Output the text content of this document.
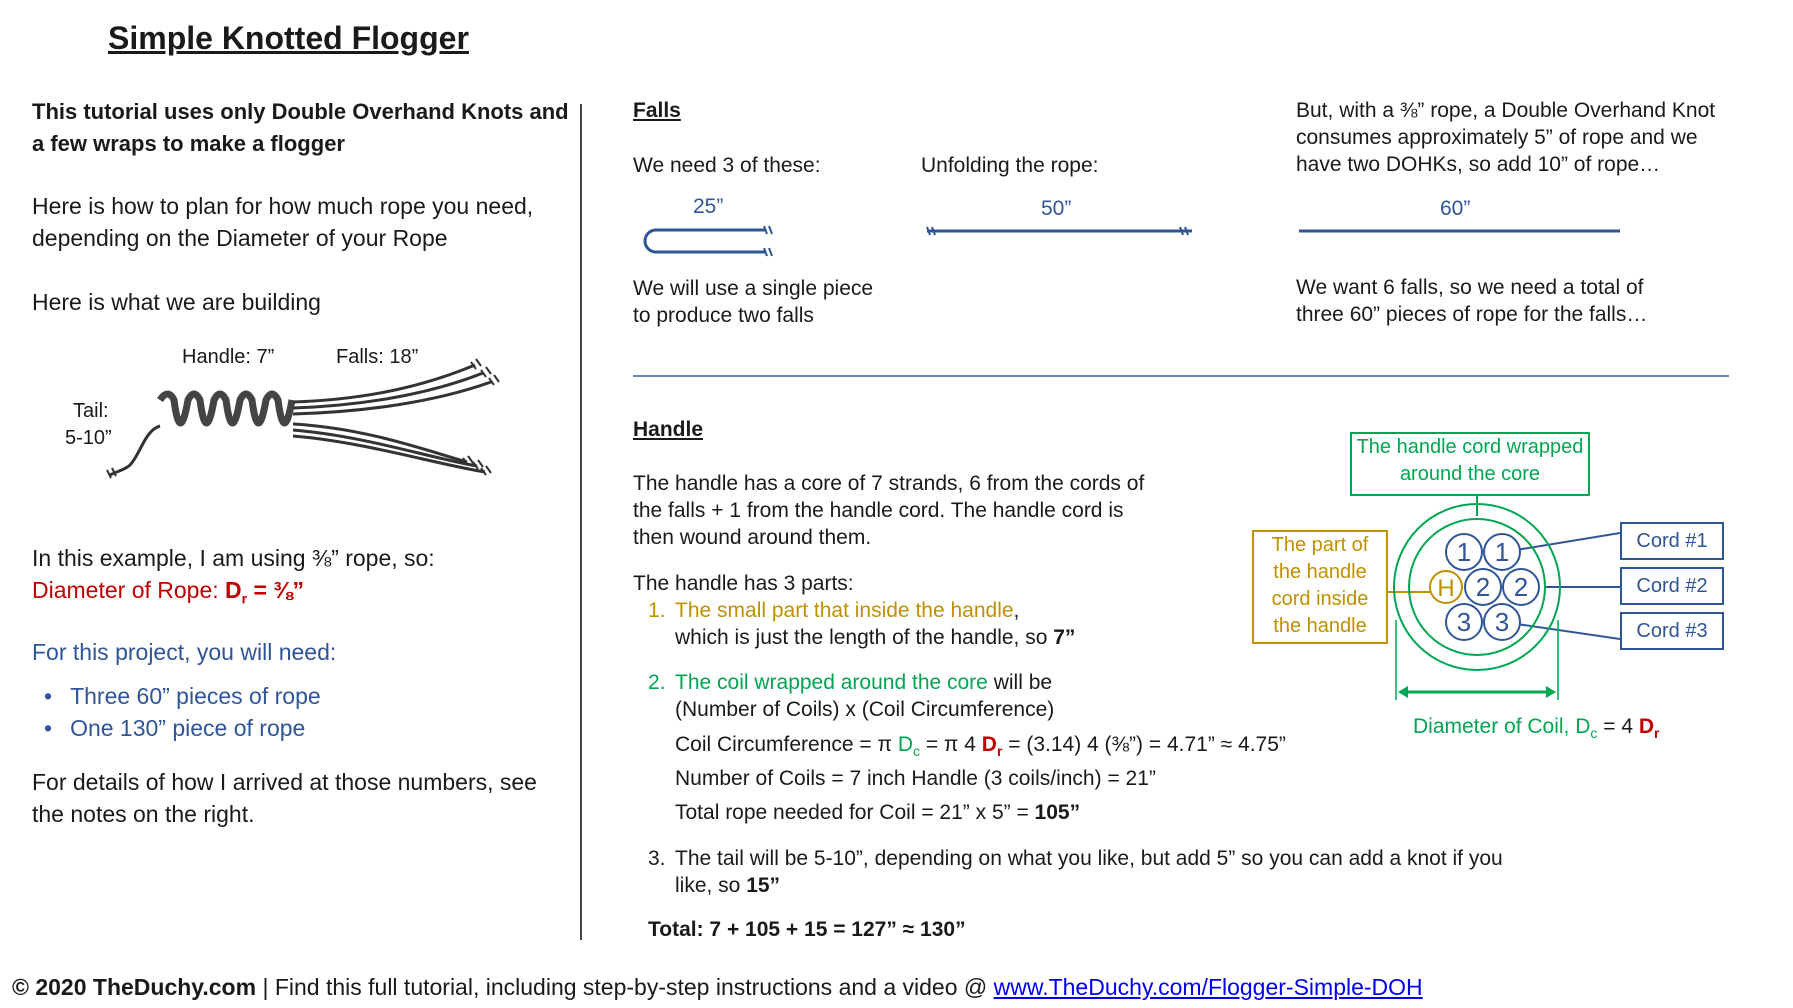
Simple Knotted Flogger
This tutorial uses only Double Overhand Knots and a few wraps to make a flogger
Here is how to plan for how much rope you need, depending on the Diameter of your Rope
Here is what we are building
Handle: 7”	Falls: 18”
Tail:
5-10”
In this example, I am using ⅜” rope, so:
Diameter of Rope: $D_r$ = ⅜”
For this project, you will need:
• Three 60” pieces of rope
• One 130” piece of rope
For details of how I arrived at those numbers, see the notes on the right.
Falls
We need 3 of these:
25”
We will use a single piece
to produce two falls
Unfolding the rope:
50”
But, with a ⅜” rope, a Double Overhand Knot
consumes approximately 5” of rope and we
have two DOHKs, so add 10” of rope…
60”
We want 6 falls, so we need a total of
three 60” pieces of rope for the falls…
Handle
The handle has a core of 7 strands, 6 from the cords of
the falls + 1 from the handle cord. The handle cord is
then wound around them.
The handle has 3 parts:
1. The small part that inside the handle,
which is just the length of the handle, so 7”
2. The coil wrapped around the core will be
(Number of Coils) x (Coil Circumference)
Coil Circumference = π $D_c = \pi$ 4 $D_r = (3.14)$ 4 (⅜”) = 4.71” ≈ 4.75”
Number of Coils = 7 inch Handle (3 coils/inch) = 21”
Total rope needed for Coil = 21” x 5” = 105”
3. The tail will be 5-10”, depending on what you like, but add 5” so you can add a knot if you
like, so 15”
Total: 7 + 105 + 15 = 127” ≈ 130”
1 1
2 2
3 3
H
The handle cord wrapped
around the core
The part of
the handle
cord inside
the handle
Cord #1
Cord #2
Cord #3
Diameter of Coil, $D_c = 4$ $D_r$
© 2020 TheDuchy.com | Find this full tutorial, including step-by-step instructions and a video @ www.TheDuchy.com/Flogger-Simple-DOH
